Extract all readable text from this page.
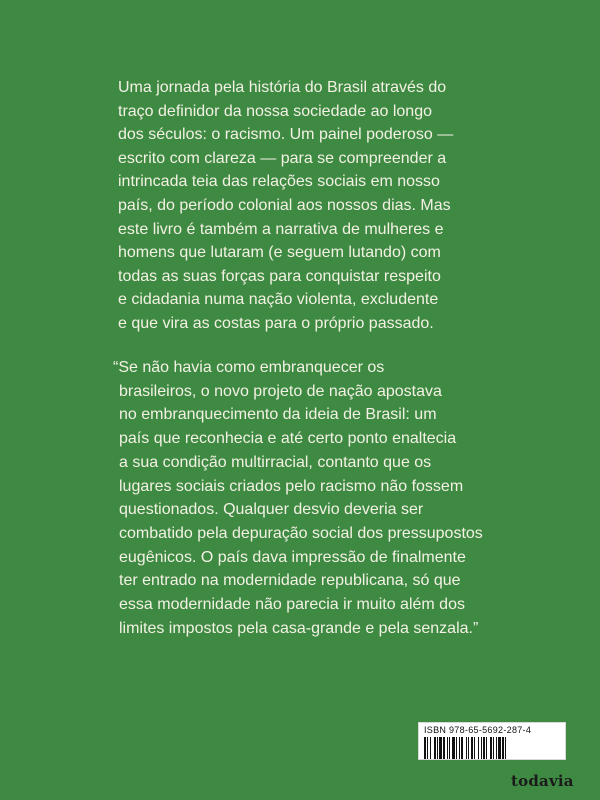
Uma jornada pela história do Brasil através do
traço definidor da nossa sociedade ao longo
dos séculos: o racismo. Um painel poderoso —
escrito com clareza — para se compreender a
intrincada teia das relações sociais em nosso
país, do período colonial aos nossos dias. Mas
este livro é também a narrativa de mulheres e
homens que lutaram (e seguem lutando) com
todas as suas forças para conquistar respeito
e cidadania numa nação violenta, excludente
e que vira as costas para o próprio passado.
“Se não havia como embranquecer os
brasileiros, o novo projeto de nação apostava
no embranquecimento da ideia de Brasil: um
país que reconhecia e até certo ponto enaltecia
a sua condição multirracial, contanto que os
lugares sociais criados pelo racismo não fossem
questionados. Qualquer desvio deveria ser
combatido pela depuração social dos pressupostos
eugênicos. O país dava impressão de finalmente
ter entrado na modernidade republicana, só que
essa modernidade não parecia ir muito além dos
limites impostos pela casa-grande e pela senzala.”
ISBN 978-65-5692-287-4
todavia
